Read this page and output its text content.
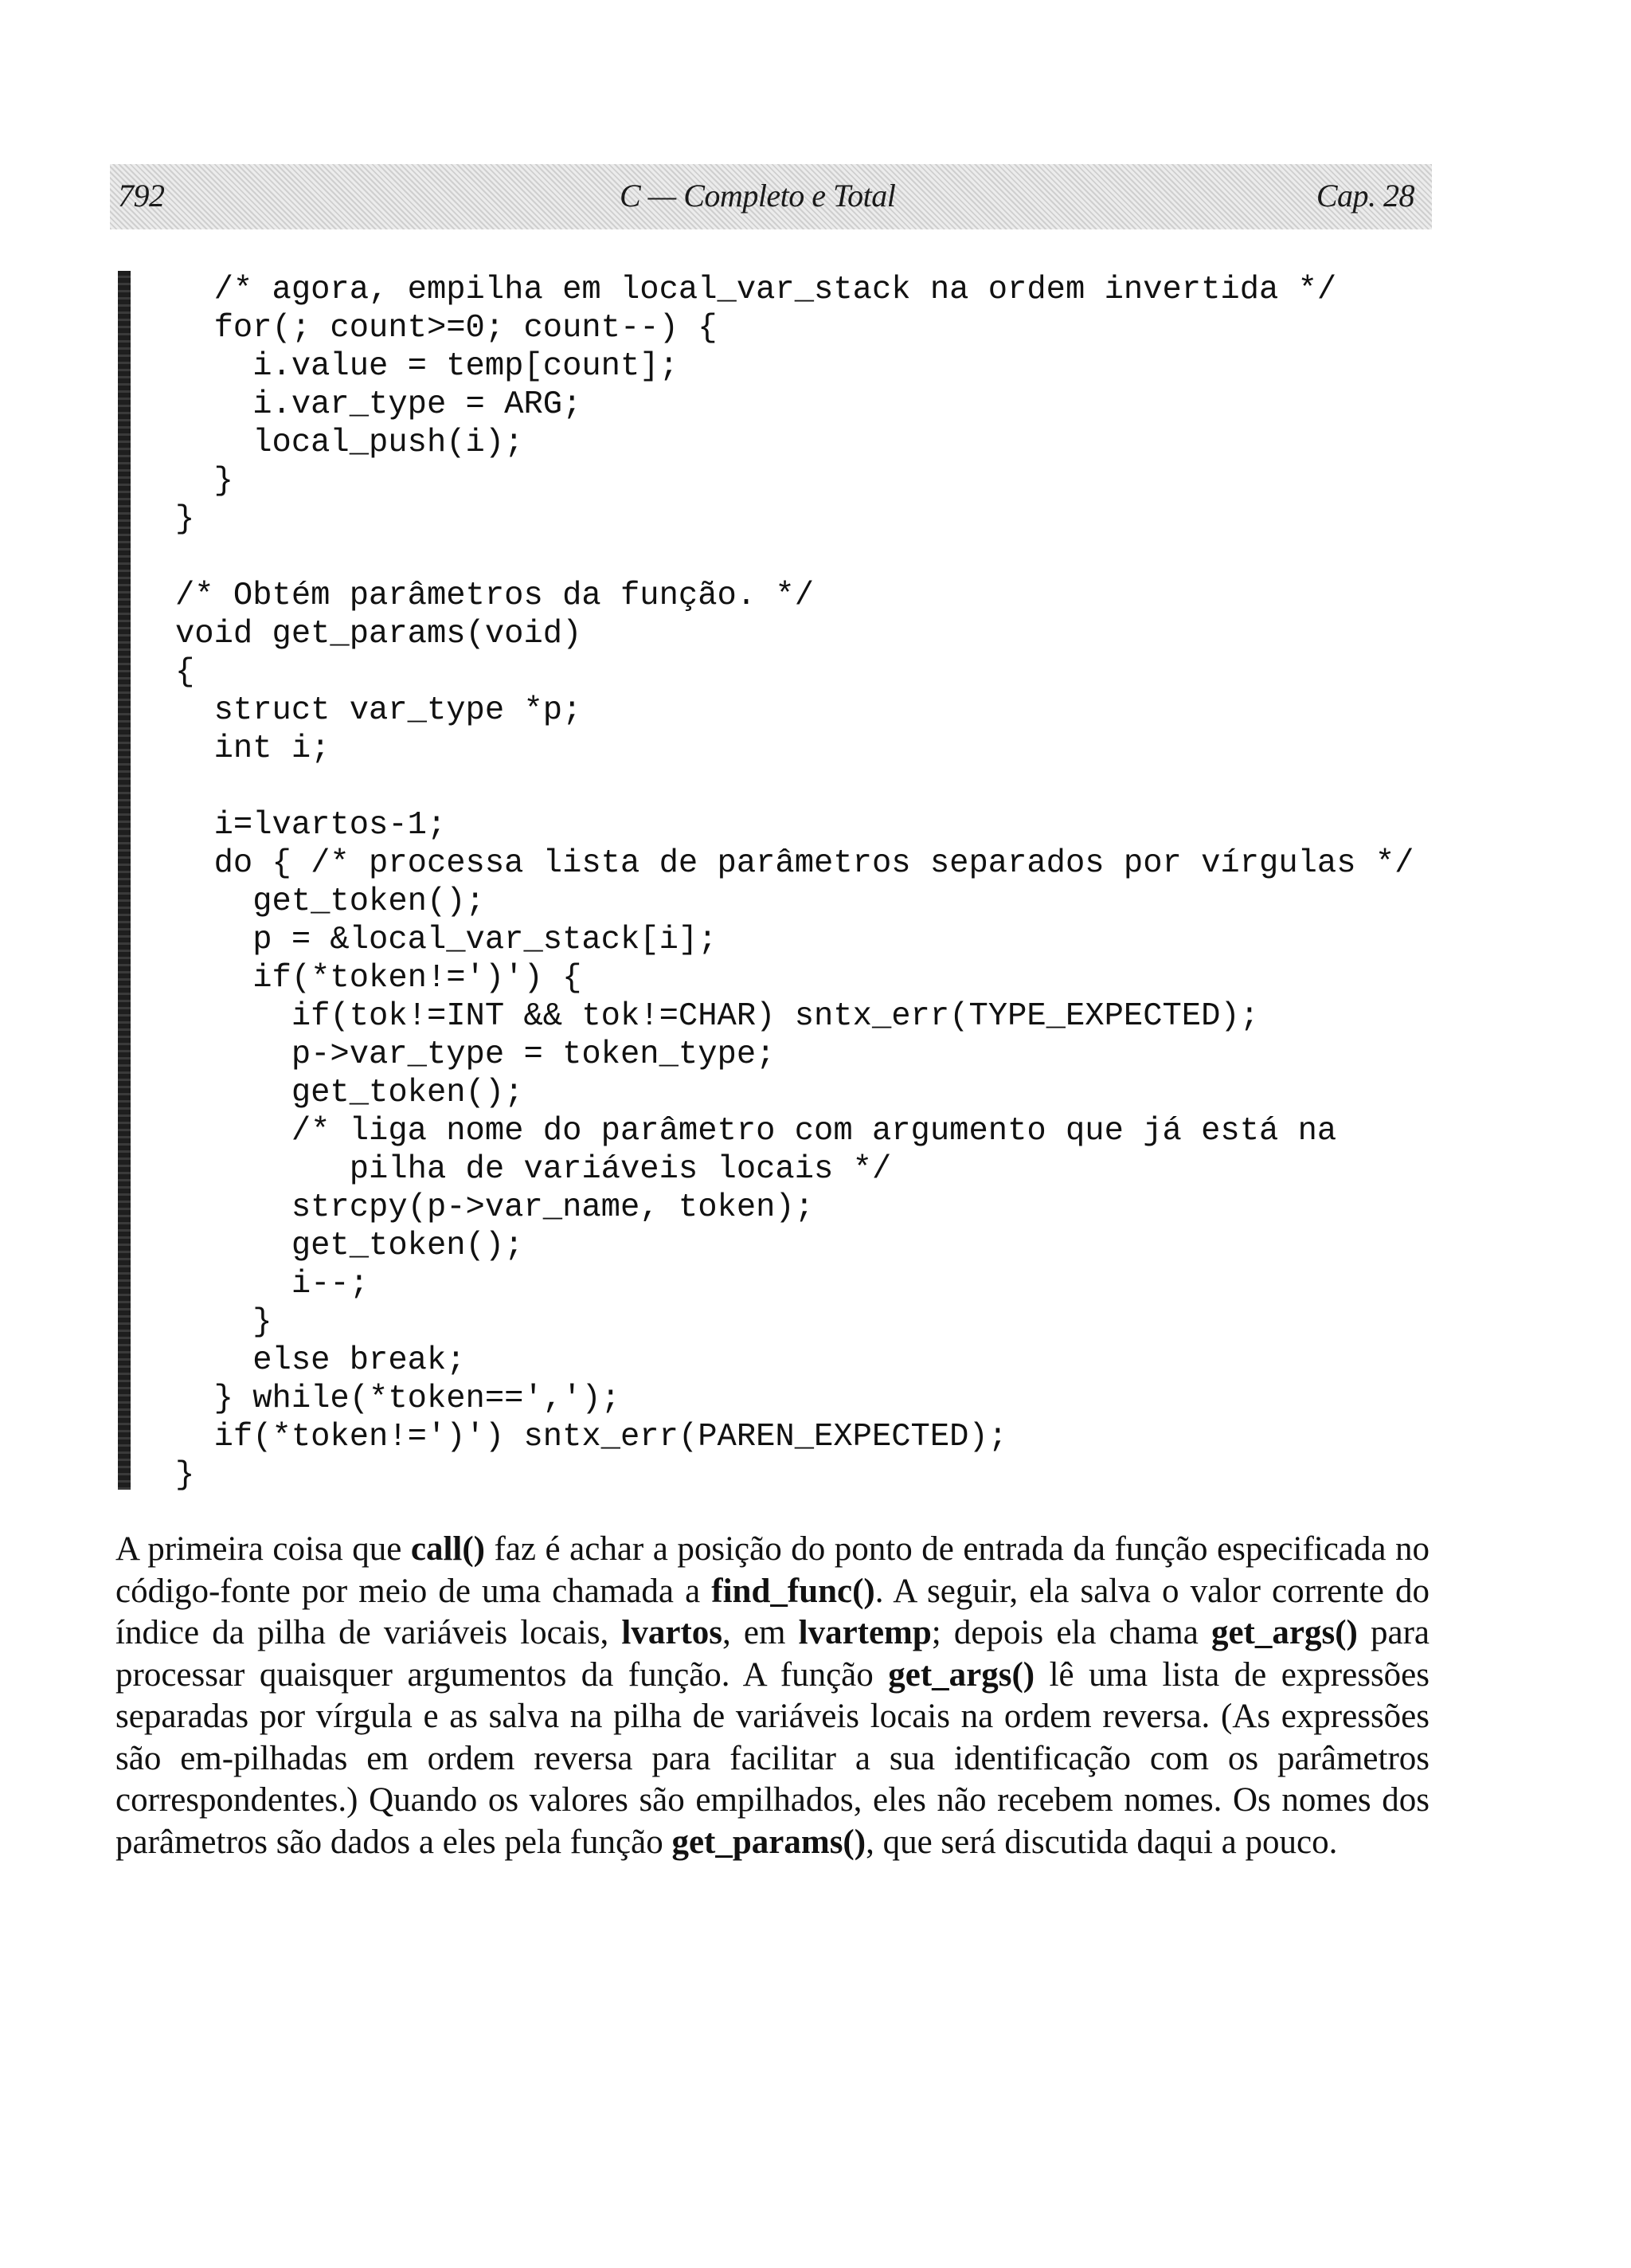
792	C — Completo e Total	Cap. 28
/* agora, empilha em local_var_stack na ordem invertida */
for(; count>=0; count--) {
i.value = temp[count];
i.var_type = ARG;
local_push(i);
}
}
/* Obtém parâmetros da função. */
void get_params(void)
{
struct var_type *p;
int i;
i=lvartos-1;
do { /* processa lista de parâmetros separados por vírgulas */
get_token();
p = &local_var_stack[i];
if(*token!=')') {
if(tok!=INT && tok!=CHAR) sntx_err(TYPE_EXPECTED);
p->var_type = token_type;
get_token();
/* liga nome do parâmetro com argumento que já está na
pilha de variáveis locais */
strcpy(p->var_name, token);
get_token();
i--;
}
else break;
} while(*token==',');
if(*token!=')') sntx_err(PAREN_EXPECTED);
}

A primeira coisa que call() faz é achar a posição do ponto de entrada da função especificada no código-fonte por meio de uma chamada a find_func(). A seguir, ela salva o valor corrente do índice da pilha de variáveis locais, lvartos, em lvartemp; depois ela chama get_args() para processar quaisquer argumentos da função. A função get_args() lê uma lista de expressões separadas por vírgula e as salva na pilha de variáveis locais na ordem reversa. (As expressões são em-pilhadas em ordem reversa para facilitar a sua identificação com os parâmetros correspondentes.) Quando os valores são empilhados, eles não recebem nomes. Os nomes dos parâmetros são dados a eles pela função get_params(), que será discutida daqui a pouco.
